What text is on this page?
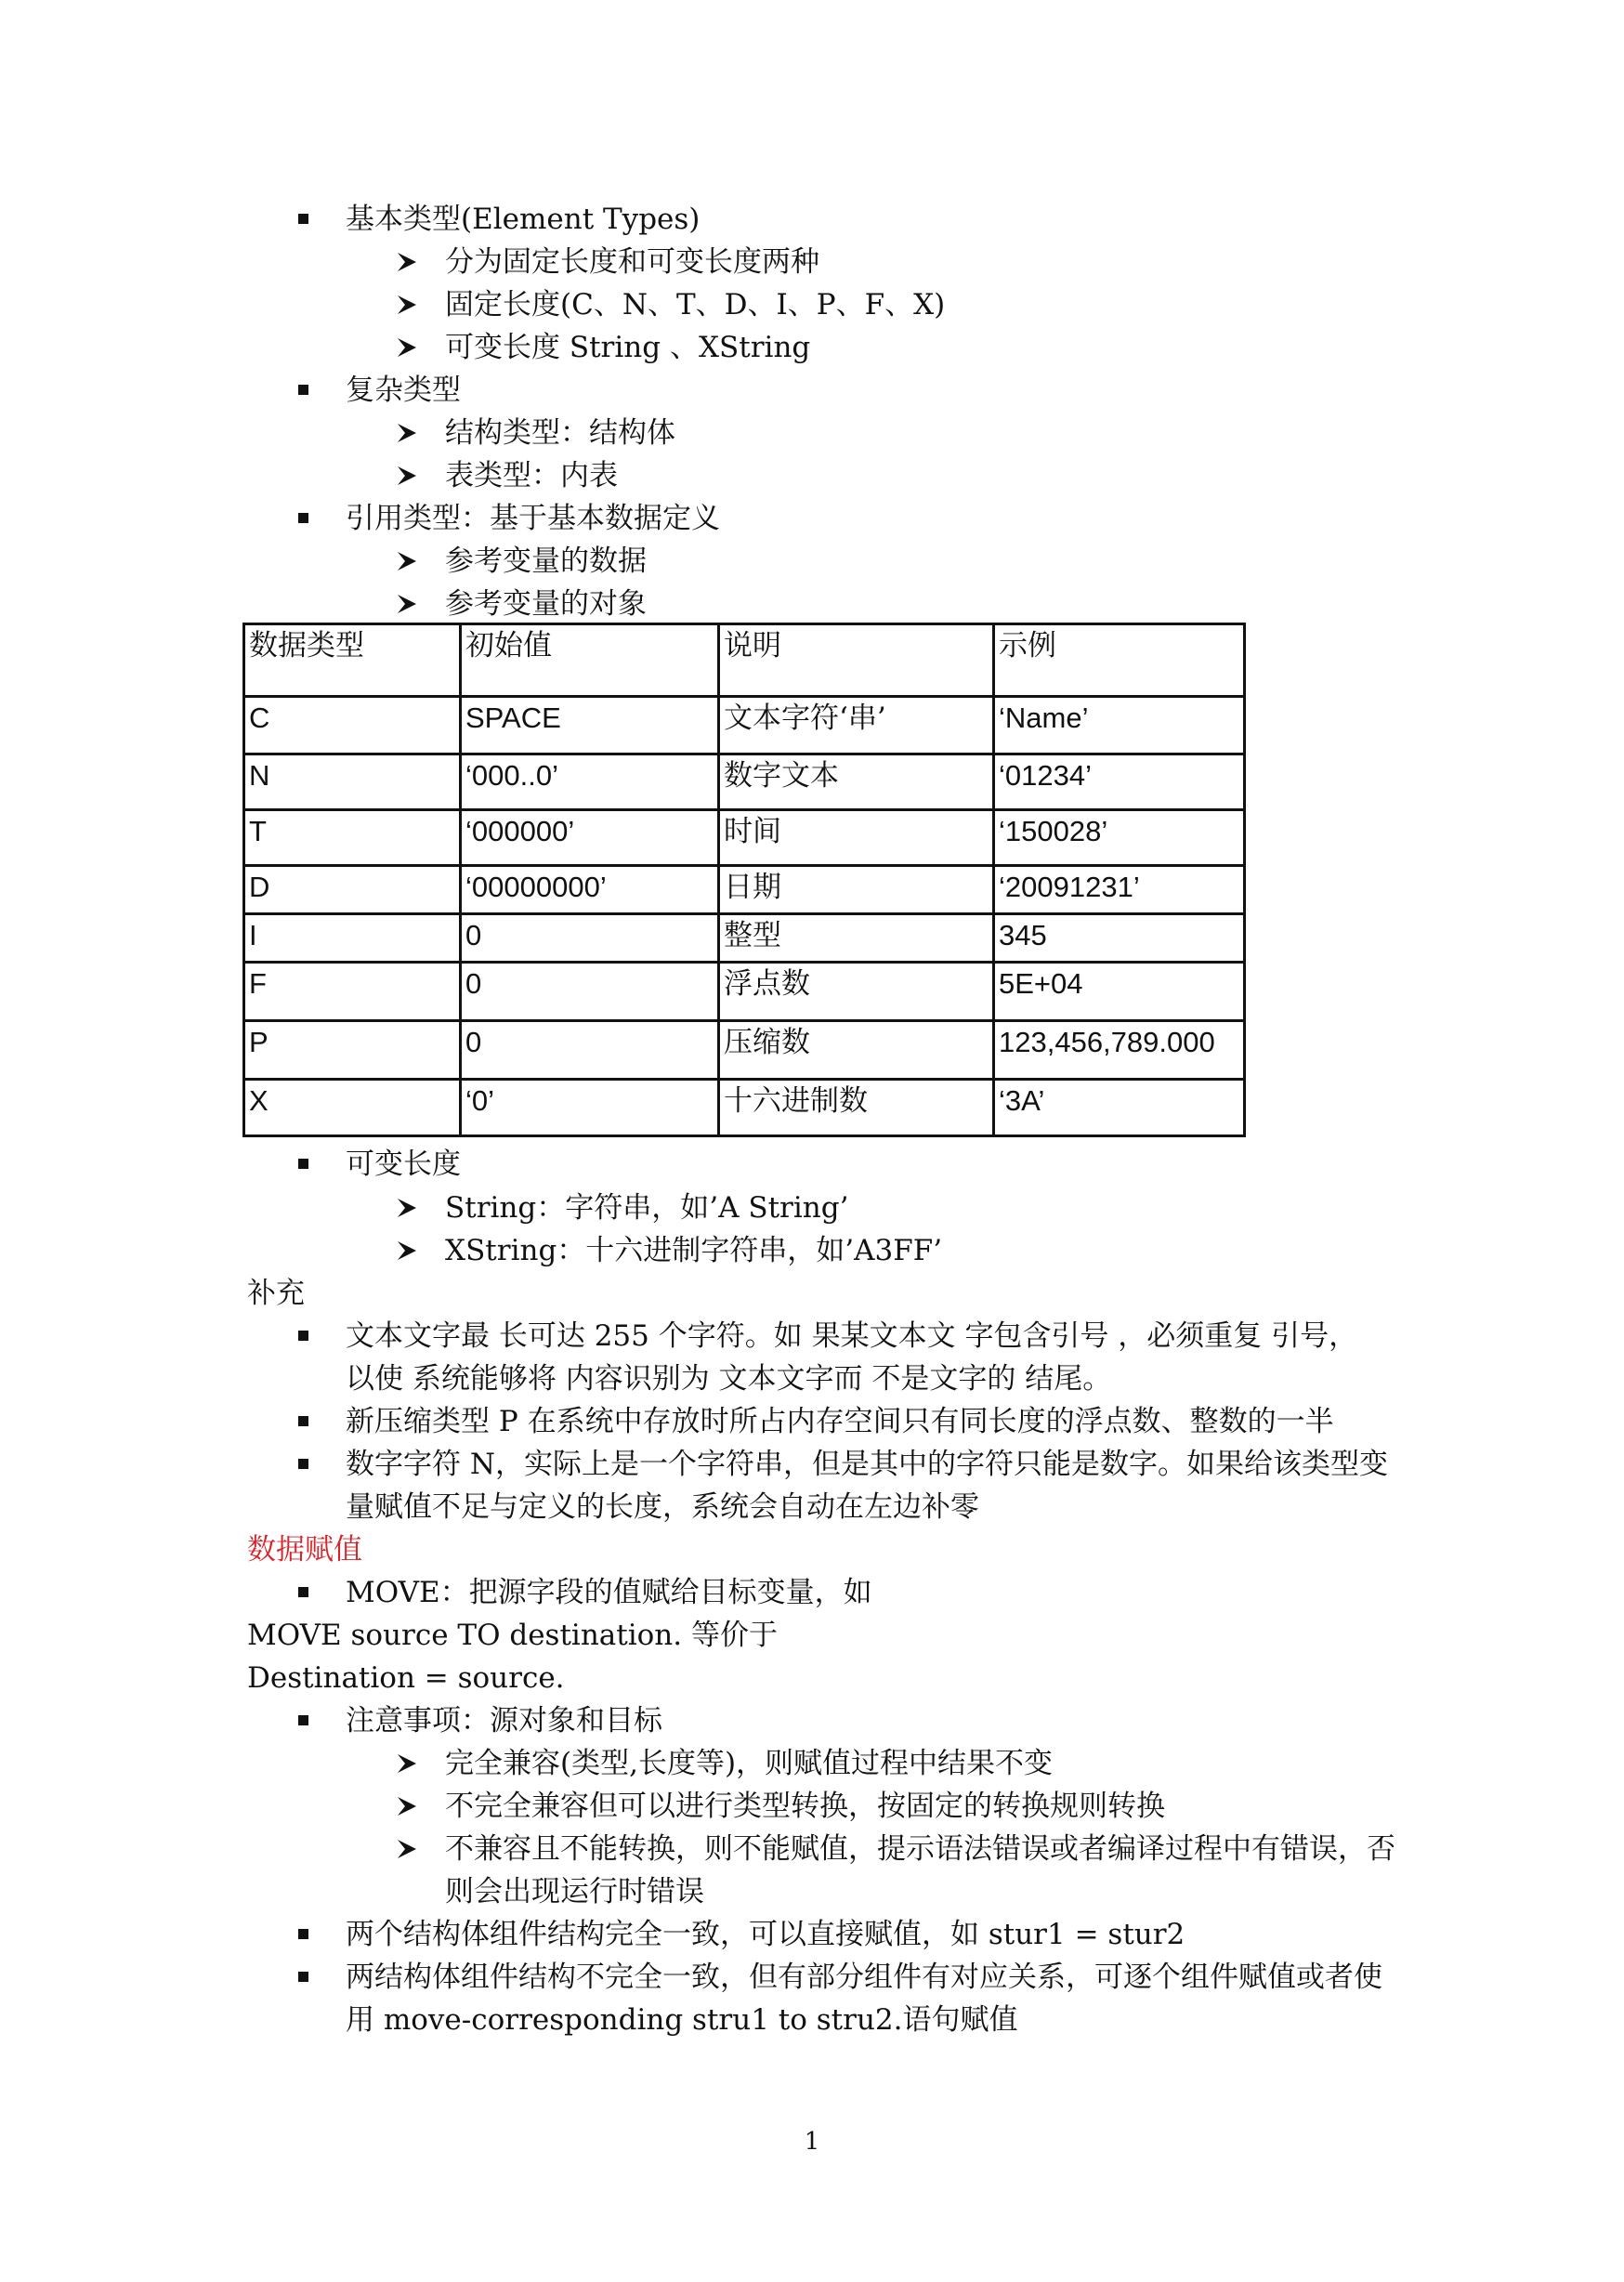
基本类型(Element Types)
分为固定长度和可变长度两种
固定长度(C、N、T、D、I、P、F、X)
可变长度 String 、XString
复杂类型
结构类型：结构体
表类型：内表
引用类型：基于基本数据定义
参考变量的数据
参考变量的对象
数据类型	初始值	说明	示例
C	SPACE	文本字符‘串’	‘Name’
N	‘000..0’	数字文本	‘01234’
T	‘000000’	时间	‘150028’
D	‘00000000’	日期	‘20091231’
I	0	整型	345
F	0	浮点数	5E+04
P	0	压缩数	123,456,789.000
X	‘0’	十六进制数	‘3A’
可变长度
String：字符串，如’A String’
XString：十六进制字符串，如’A3FF’
补充
文本文字最 长可达 255 个字符。如 果某文本文 字包含引号 ，必须重复 引号，
以使 系统能够将 内容识别为 文本文字而 不是文字的 结尾。
新压缩类型 P 在系统中存放时所占内存空间只有同长度的浮点数、整数的一半
数字字符 N，实际上是一个字符串，但是其中的字符只能是数字。如果给该类型变
量赋值不足与定义的长度，系统会自动在左边补零
数据赋值
MOVE：把源字段的值赋给目标变量，如
MOVE source TO destination. 等价于
Destination = source.
注意事项：源对象和目标
完全兼容(类型,长度等)，则赋值过程中结果不变
不完全兼容但可以进行类型转换，按固定的转换规则转换
不兼容且不能转换，则不能赋值，提示语法错误或者编译过程中有错误，否
则会出现运行时错误
两个结构体组件结构完全一致，可以直接赋值，如 stur1 = stur2
两结构体组件结构不完全一致，但有部分组件有对应关系，可逐个组件赋值或者使
用 move-corresponding stru1 to stru2.语句赋值
1
